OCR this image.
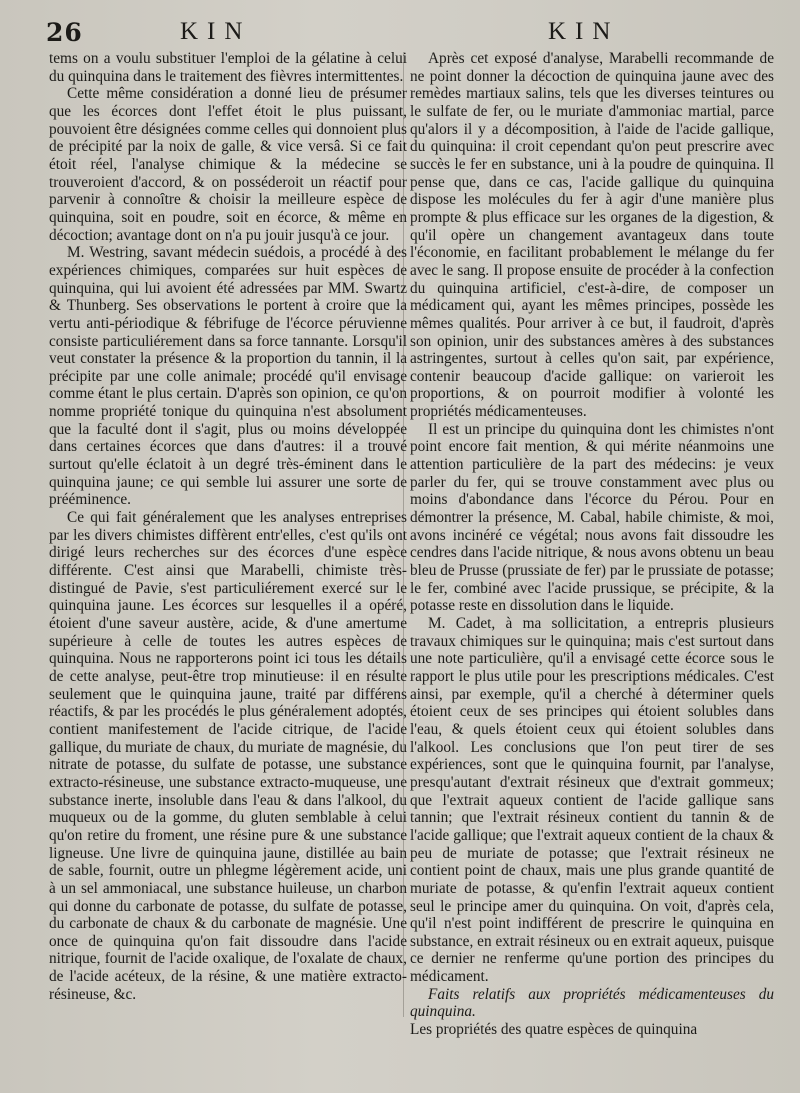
26	KIN	KIN

tems on a voulu substituer l'emploi de la gélatine à celui du quinquina dans le traitement des fièvres intermittentes.

Cette même considération a donné lieu de présumer que les écorces dont l'effet étoit le plus puissant, pouvoient être désignées comme celles qui donnoient plus de précipité par la noix de galle, & vice versâ. Si ce fait étoit réel, l'analyse chimique & la médecine se trouveroient d'accord, & on posséderoit un réactif pour parvenir à connoître & choisir la meilleure espèce de quinquina, soit en poudre, soit en écorce, & même en décoction; avantage dont on n'a pu jouir jusqu'à ce jour.

M. Westring, savant médecin suédois, a procédé à des expériences chimiques, comparées sur huit espèces de quinquina, qui lui avoient été adressées par MM. Swartz & Thunberg. Ses observations le portent à croire que la vertu anti-périodique & fébrifuge de l'écorce péruvienne consiste particuliérement dans sa force tannante. Lorsqu'il veut constater la présence & la proportion du tannin, il la précipite par une colle animale; procédé qu'il envisage comme étant le plus certain. D'après son opinion, ce qu'on nomme propriété tonique du quinquina n'est absolument que la faculté dont il s'agit, plus ou moins développée dans certaines écorces que dans d'autres: il a trouvé surtout qu'elle éclatoit à un degré très-éminent dans le quinquina jaune; ce qui semble lui assurer une sorte de prééminence.

Ce qui fait généralement que les analyses entreprises par les divers chimistes diffèrent entr'elles, c'est qu'ils ont dirigé leurs recherches sur des écorces d'une espèce différente. C'est ainsi que Marabelli, chimiste très-distingué de Pavie, s'est particuliérement exercé sur le quinquina jaune. Les écorces sur lesquelles il a opéré, étoient d'une saveur austère, acide, & d'une amertume supérieure à celle de toutes les autres espèces de quinquina. Nous ne rapporterons point ici tous les détails de cette analyse, peut-être trop minutieuse: il en résulte seulement que le quinquina jaune, traité par différens réactifs, & par les procédés le plus généralement adoptés, contient manifestement de l'acide citrique, de l'acide gallique, du muriate de chaux, du muriate de magnésie, du nitrate de potasse, du sulfate de potasse, une substance extracto-résineuse, une substance extracto-muqueuse, une substance inerte, insoluble dans l'eau & dans l'alkool, du muqueux ou de la gomme, du gluten semblable à celui qu'on retire du froment, une résine pure & une substance ligneuse. Une livre de quinquina jaune, distillée au bain de sable, fournit, outre un phlegme légèrement acide, uni à un sel ammoniacal, une substance huileuse, un charbon qui donne du carbonate de potasse, du sulfate de potasse, du carbonate de chaux & du carbonate de magnésie. Une once de quinquina qu'on fait dissoudre dans l'acide nitrique, fournit de l'acide oxalique, de l'oxalate de chaux, de l'acide acéteux, de la résine, & une matière extracto-résineuse, &c.

Après cet exposé d'analyse, Marabelli recommande de ne point donner la décoction de quinquina jaune avec des remèdes martiaux salins, tels que les diverses teintures ou le sulfate de fer, ou le muriate d'ammoniac martial, parce qu'alors il y a décomposition, à l'aide de l'acide gallique, du quinquina: il croit cependant qu'on peut prescrire avec succès le fer en substance, uni à la poudre de quinquina. Il pense que, dans ce cas, l'acide gallique du quinquina dispose les molécules du fer à agir d'une manière plus prompte & plus efficace sur les organes de la digestion, & qu'il opère un changement avantageux dans toute l'économie, en facilitant probablement le mélange du fer avec le sang. Il propose ensuite de procéder à la confection du quinquina artificiel, c'est-à-dire, de composer un médicament qui, ayant les mêmes principes, possède les mêmes qualités. Pour arriver à ce but, il faudroit, d'après son opinion, unir des substances amères à des substances astringentes, surtout à celles qu'on sait, par expérience, contenir beaucoup d'acide gallique: on varieroit les proportions, & on pourroit modifier à volonté les propriétés médicamenteuses.

Il est un principe du quinquina dont les chimistes n'ont point encore fait mention, & qui mérite néanmoins une attention particulière de la part des médecins: je veux parler du fer, qui se trouve constamment avec plus ou moins d'abondance dans l'écorce du Pérou. Pour en démontrer la présence, M. Cabal, habile chimiste, & moi, avons incinéré ce végétal; nous avons fait dissoudre les cendres dans l'acide nitrique, & nous avons obtenu un beau bleu de Prusse (prussiate de fer) par le prussiate de potasse; le fer, combiné avec l'acide prussique, se précipite, & la potasse reste en dissolution dans le liquide.

M. Cadet, à ma sollicitation, a entrepris plusieurs travaux chimiques sur le quinquina; mais c'est surtout dans une note particulière, qu'il a envisagé cette écorce sous le rapport le plus utile pour les prescriptions médicales. C'est ainsi, par exemple, qu'il a cherché à déterminer quels étoient ceux de ses principes qui étoient solubles dans l'eau, & quels étoient ceux qui étoient solubles dans l'alkool. Les conclusions que l'on peut tirer de ses expériences, sont que le quinquina fournit, par l'analyse, presqu'autant d'extrait résineux que d'extrait gommeux; que l'extrait aqueux contient de l'acide gallique sans tannin; que l'extrait résineux contient du tannin & de l'acide gallique; que l'extrait aqueux contient de la chaux & peu de muriate de potasse; que l'extrait résineux ne contient point de chaux, mais une plus grande quantité de muriate de potasse, & qu'enfin l'extrait aqueux contient seul le principe amer du quinquina. On voit, d'après cela, qu'il n'est point indifférent de prescrire le quinquina en substance, en extrait résineux ou en extrait aqueux, puisque ce dernier ne renferme qu'une portion des principes du médicament.

Faits relatifs aux propriétés médicamenteuses du quinquina.

Les propriétés des quatre espèces de quinquina
